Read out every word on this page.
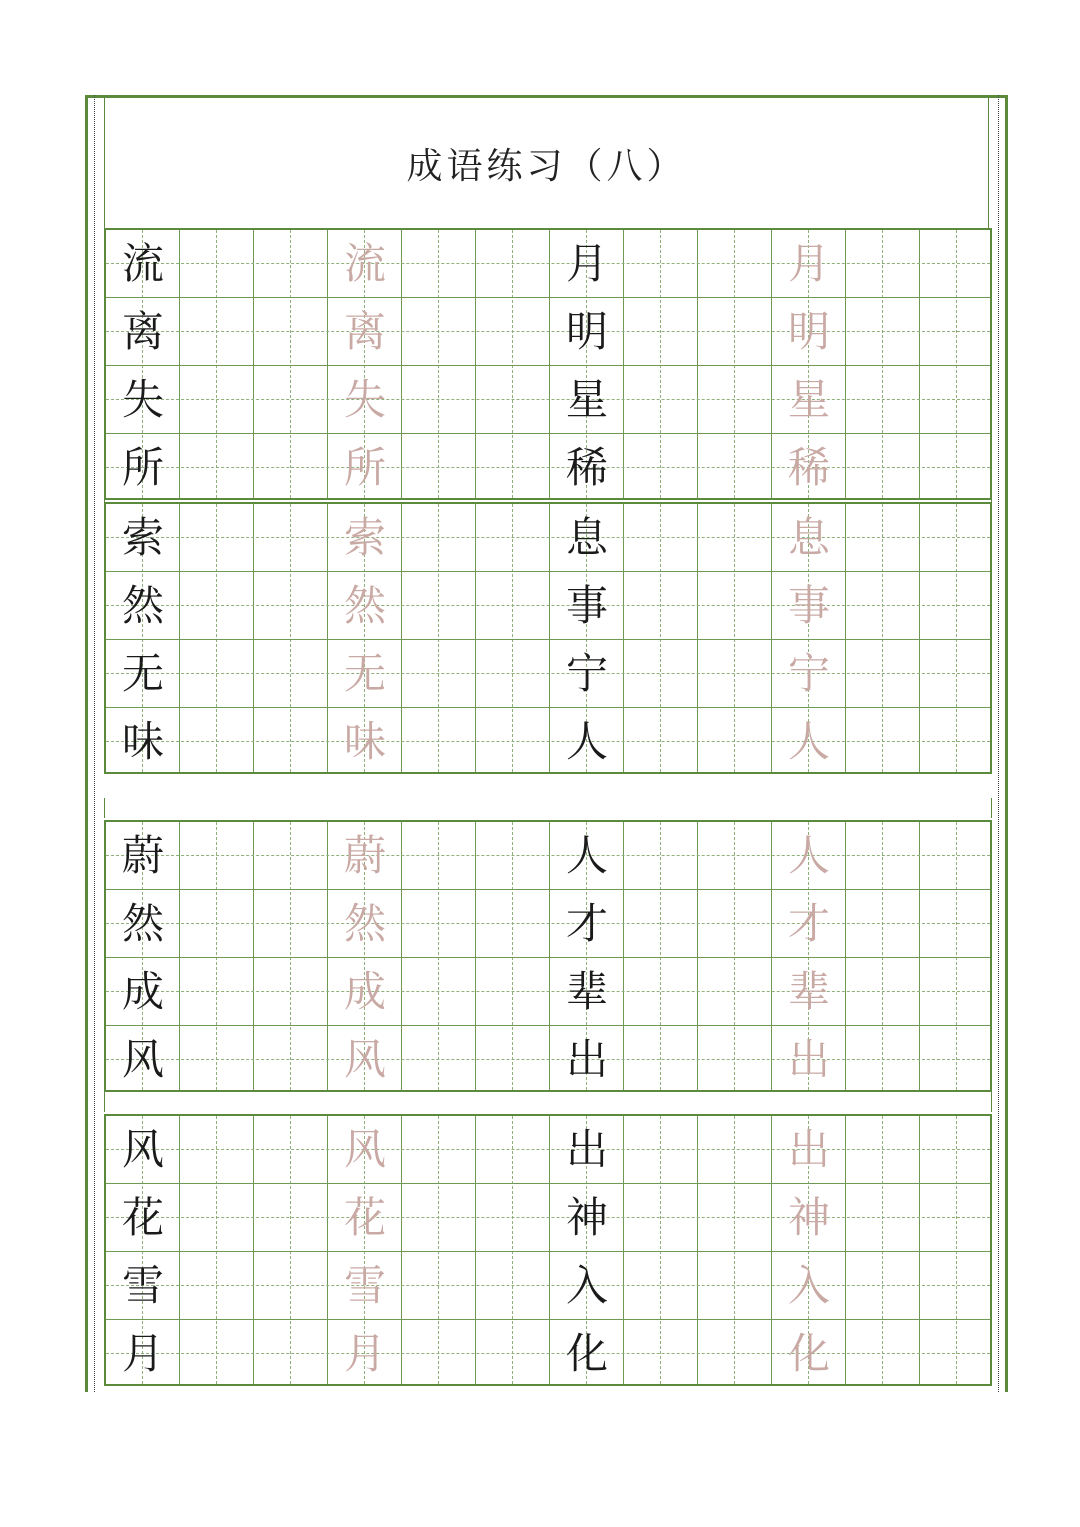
成语练习（八）
流
离
失
所
流
离
失
所
月
明
星
稀
月
明
星
稀
索
然
无
味
索
然
无
味
息
事
宁
人
息
事
宁
人
蔚
然
成
风
蔚
然
成
风
人
才
辈
出
人
才
辈
出
风
花
雪
月
风
花
雪
月
出
神
入
化
出
神
入
化
